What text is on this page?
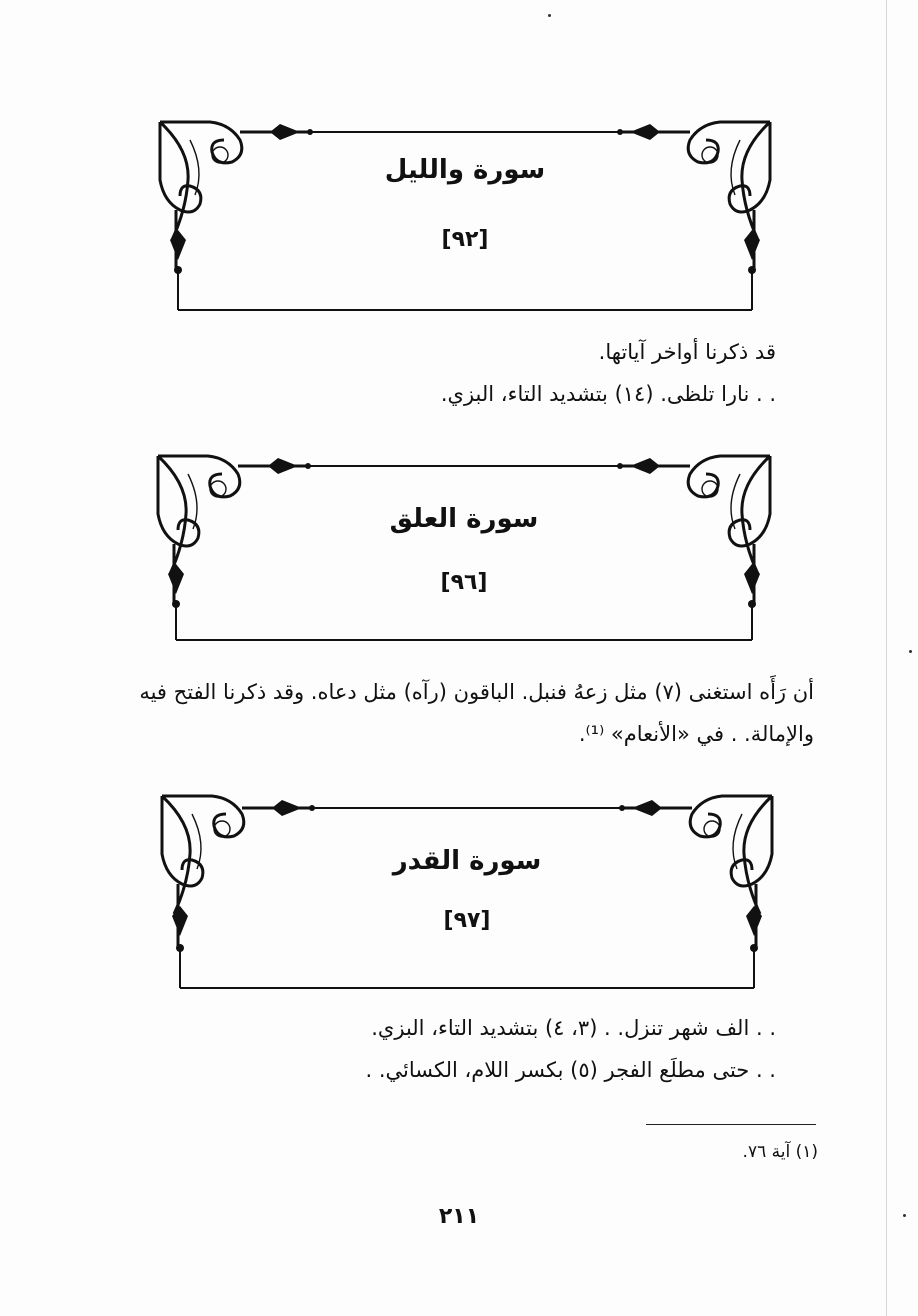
سورة والليل
[٩٢]
قد ذكرنا أواخر آياتها.
. . نارا تلظى. (١٤) بتشديد التاء، البزي.
سورة العلق
[٩٦]
أن رَأَه استغنى (٧) مثل زعهُ فنبل. الباقون (رآه) مثل دعاه. وقد ذكرنا الفتح فيه
والإمالة. . في «الأنعام» ⁽¹⁾.
سورة القدر
[٩٧]
. . الف شهر تنزل. . (٣، ٤) بتشديد التاء، البزي.
. . حتى مطلَع الفجر (٥) بكسر اللام، الكسائي. .
(١) آية ٧٦.
٢١١
